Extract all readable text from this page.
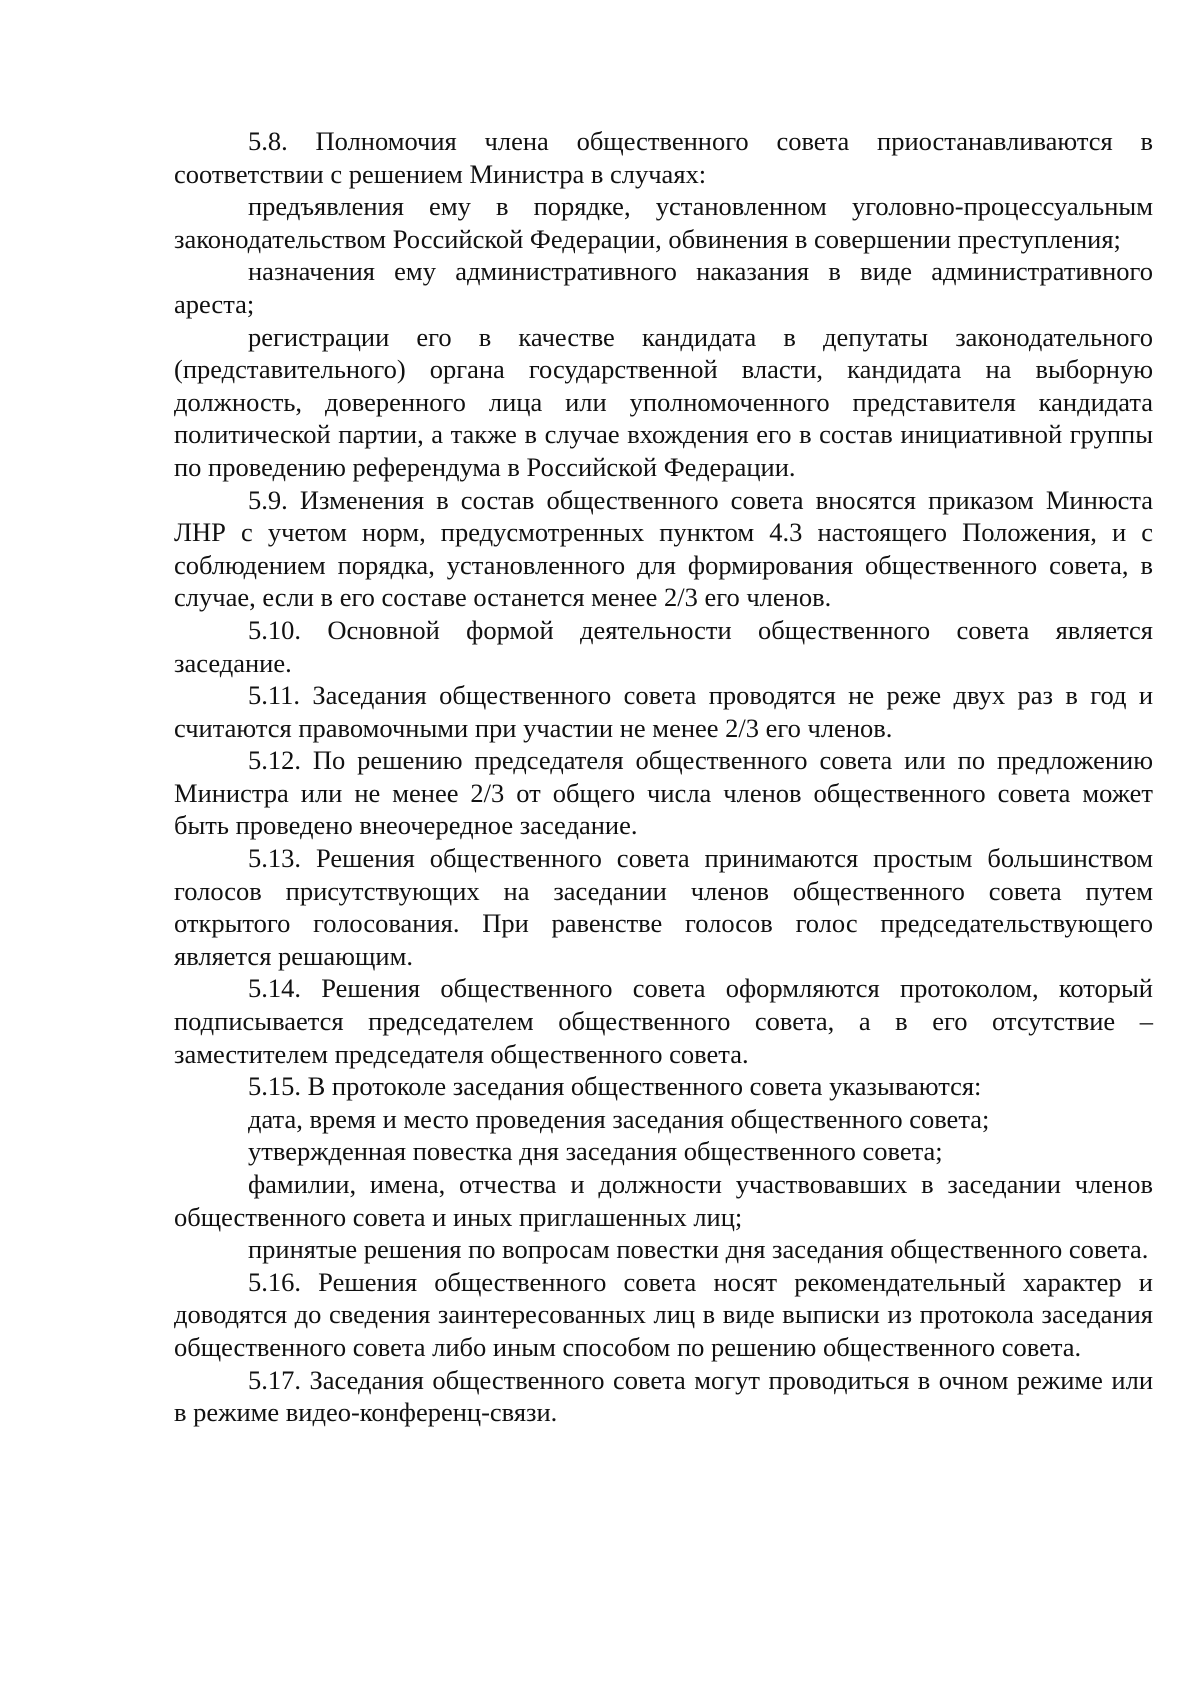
5.8. Полномочия члена общественного совета приостанавливаются в соответствии с решением Министра в случаях:

предъявления ему в порядке, установленном уголовно-процессуальным законодательством Российской Федерации, обвинения в совершении преступления;

назначения ему административного наказания в виде административного ареста;

регистрации его в качестве кандидата в депутаты законодательного (представительного) органа государственной власти, кандидата на выборную должность, доверенного лица или уполномоченного представителя кандидата политической партии, а также в случае вхождения его в состав инициативной группы по проведению референдума в Российской Федерации.

5.9. Изменения в состав общественного совета вносятся приказом Минюста ЛНР с учетом норм, предусмотренных пунктом 4.3 настоящего Положения, и с соблюдением порядка, установленного для формирования общественного совета, в случае, если в его составе останется менее 2/3 его членов.

5.10. Основной формой деятельности общественного совета является заседание.

5.11. Заседания общественного совета проводятся не реже двух раз в год и считаются правомочными при участии не менее 2/3 его членов.

5.12. По решению председателя общественного совета или по предложению Министра или не менее 2/3 от общего числа членов общественного совета может быть проведено внеочередное заседание.

5.13. Решения общественного совета принимаются простым большинством голосов присутствующих на заседании членов общественного совета путем открытого голосования. При равенстве голосов голос председательствующего является решающим.

5.14. Решения общественного совета оформляются протоколом, который подписывается председателем общественного совета, а в его отсутствие – заместителем председателя общественного совета.

5.15. В протоколе заседания общественного совета указываются:

дата, время и место проведения заседания общественного совета;

утвержденная повестка дня заседания общественного совета;

фамилии, имена, отчества и должности участвовавших в заседании членов общественного совета и иных приглашенных лиц;

принятые решения по вопросам повестки дня заседания общественного совета.

5.16. Решения общественного совета носят рекомендательный характер и доводятся до сведения заинтересованных лиц в виде выписки из протокола заседания общественного совета либо иным способом по решению общественного совета.

5.17. Заседания общественного совета могут проводиться в очном режиме или в режиме видео-конференц-связи.
